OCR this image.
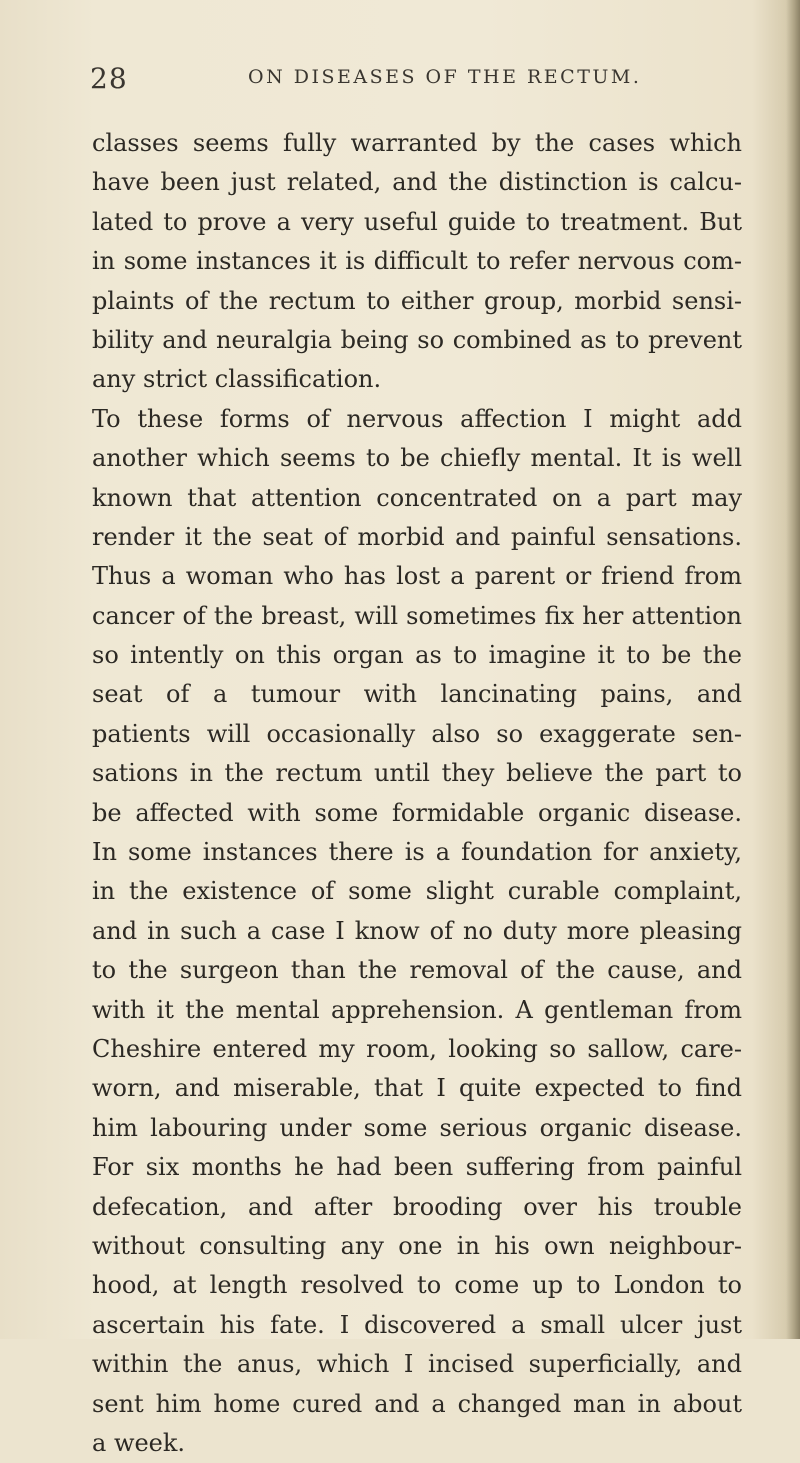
28	ON DISEASES OF THE RECTUM.
classes seems fully warranted by the cases which
have been just related, and the distinction is calcu-
lated to prove a very useful guide to treatment. But
in some instances it is difficult to refer nervous com-
plaints of the rectum to either group, morbid sensi-
bility and neuralgia being so combined as to prevent
any strict classification.
To these forms of nervous affection I might add
another which seems to be chiefly mental. It is well
known that attention concentrated on a part may
render it the seat of morbid and painful sensations.
Thus a woman who has lost a parent or friend from
cancer of the breast, will sometimes fix her attention
so intently on this organ as to imagine it to be the
seat of a tumour with lancinating pains, and
patients will occasionally also so exaggerate sen-
sations in the rectum until they believe the part to
be affected with some formidable organic disease.
In some instances there is a foundation for anxiety,
in the existence of some slight curable complaint,
and in such a case I know of no duty more pleasing
to the surgeon than the removal of the cause, and
with it the mental apprehension. A gentleman from
Cheshire entered my room, looking so sallow, care-
worn, and miserable, that I quite expected to find
him labouring under some serious organic disease.
For six months he had been suffering from painful
defecation, and after brooding over his trouble
without consulting any one in his own neighbour-
hood, at length resolved to come up to London to
ascertain his fate. I discovered a small ulcer just
within the anus, which I incised superficially, and
sent him home cured and a changed man in about
a week.
